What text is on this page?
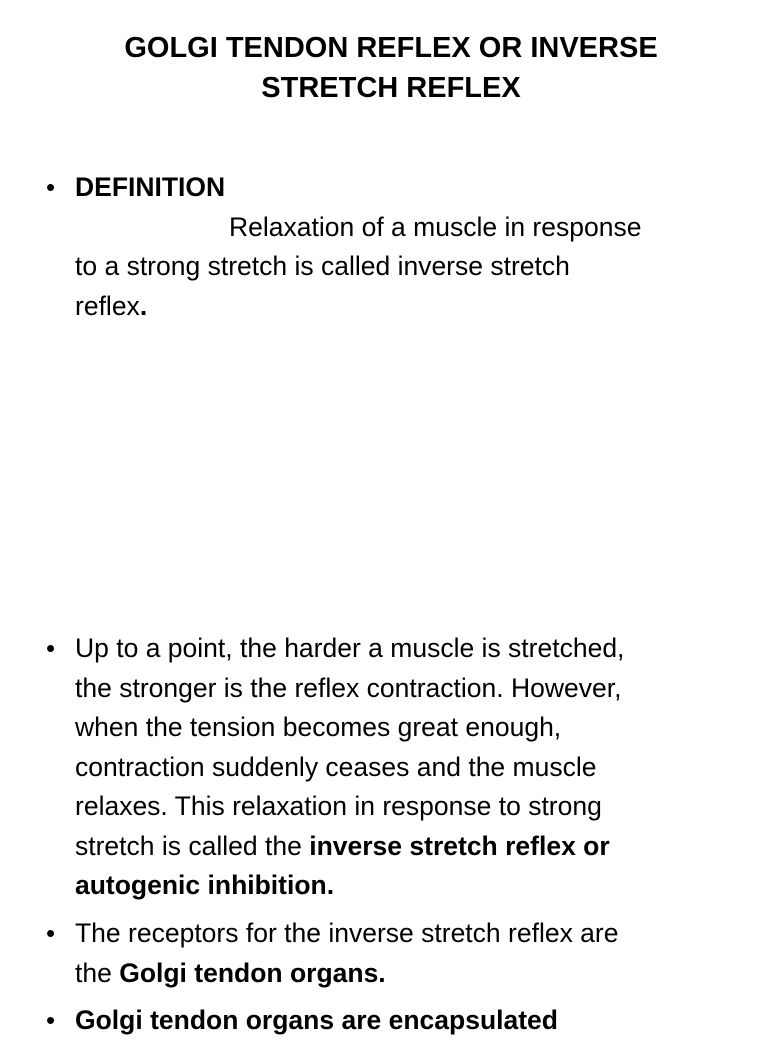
GOLGI TENDON REFLEX OR INVERSE
STRETCH REFLEX
• DEFINITION
Relaxation of a muscle in response
to a strong stretch is called inverse stretch
reflex.
• Up to a point, the harder a muscle is stretched,
the stronger is the reflex contraction. However,
when the tension becomes great enough,
contraction suddenly ceases and the muscle
relaxes. This relaxation in response to strong
stretch is called the inverse stretch reflex or
autogenic inhibition.
• The receptors for the inverse stretch reflex are
the Golgi tendon organs.
• Golgi tendon organs are encapsulated
